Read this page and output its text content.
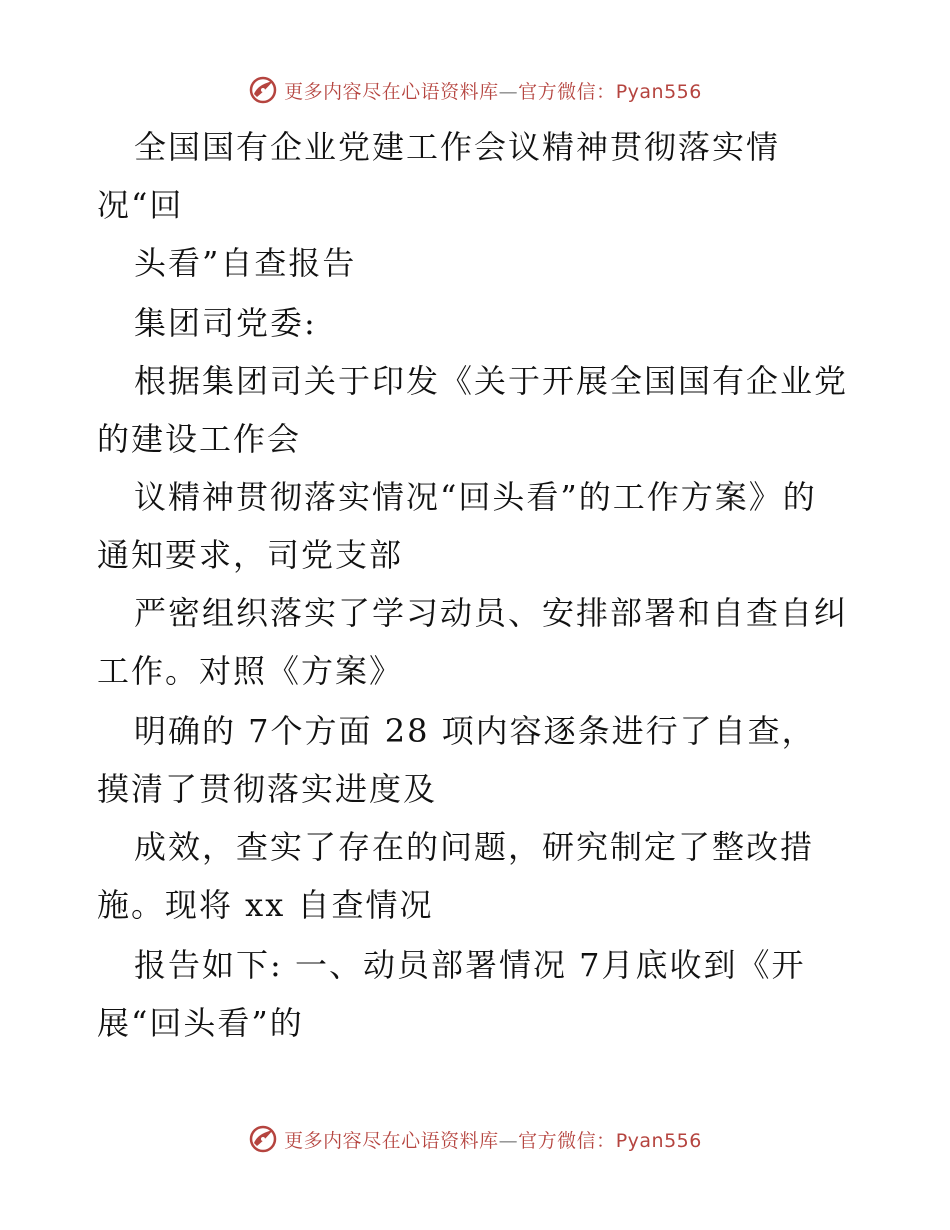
更多内容尽在心语资料库—官方微信：Pyan556
全国国有企业党建工作会议精神贯彻落实情
况“回
头看”自查报告
集团司党委:
根据集团司关于印发《关于开展全国国有企业党
的建设工作会
议精神贯彻落实情况“回头看”的工作方案》的
通知要求，司党支部
严密组织落实了学习动员、安排部署和自查自纠
工作。对照《方案》
明确的 7个方面 28 项内容逐条进行了自查，
摸清了贯彻落实进度及
成效，查实了存在的问题，研究制定了整改措
施。现将 xx 自查情况
报告如下: 一、动员部署情况 7月底收到《开
展“回头看”的
更多内容尽在心语资料库—官方微信：Pyan556
